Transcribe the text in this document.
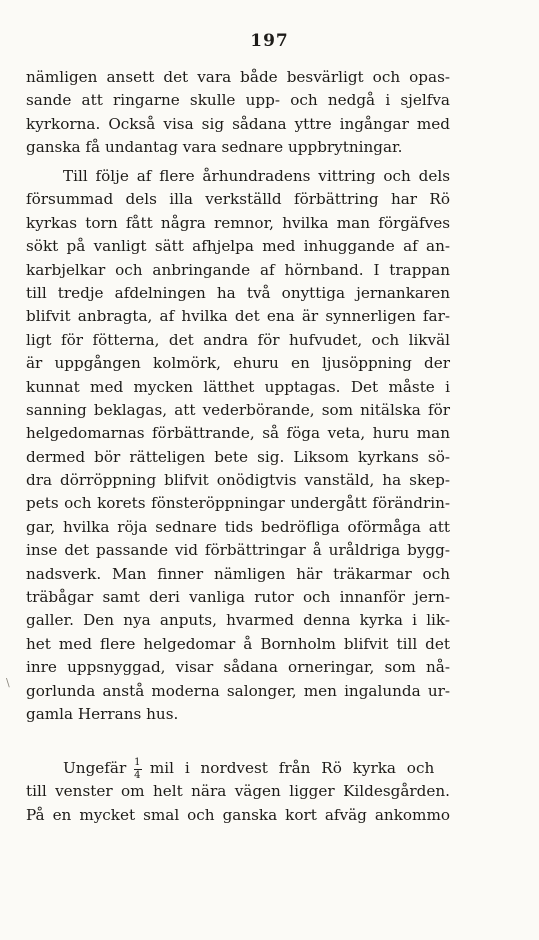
197
nämligen ansett det vara både besvärligt och opas-
sande att ringarne skulle upp- och nedgå i sjelfva
kyrkorna. Också visa sig sådana yttre ingångar med
ganska få undantag vara sednare uppbrytningar.
Till följe af flere århundradens vittring och dels
försummad dels illa verkställd förbättring har Rö
kyrkas torn fått några remnor, hvilka man förgäfves
sökt på vanligt sätt afhjelpa med inhuggande af an-
karbjelkar och anbringande af hörnband. I trappan
till tredje afdelningen ha två onyttiga jernankaren
blifvit anbragta, af hvilka det ena är synnerligen far-
ligt för fötterna, det andra för hufvudet, och likväl
är uppgången kolmörk, ehuru en ljusöppning der
kunnat med mycken lätthet upptagas. Det måste i
sanning beklagas, att vederbörande, som nitälska för
helgedomarnas förbättrande, så föga veta, huru man
dermed bör rätteligen bete sig. Liksom kyrkans sö-
dra dörröppning blifvit onödigtvis vanstäld, ha skep-
pets och korets fönsteröppningar undergått förändrin-
gar, hvilka röja sednare tids bedröfliga oförmåga att
inse det passande vid förbättringar å uråldriga bygg-
nadsverk. Man finner nämligen här träkarmar och
träbågar samt deri vanliga rutor och innanför jern-
galler. Den nya anputs, hvarmed denna kyrka i lik-
het med flere helgedomar å Bornholm blifvit till det
inre uppsnyggad, visar sådana orneringar, som nå-
gorlunda anstå moderna salonger, men ingalunda ur-
gamla Herrans hus.
Ungefär $\frac{1}{4}$ mil i nordvest från Rö kyrka och
till venster om helt nära vägen ligger Kildesgården.
På en mycket smal och ganska kort afväg ankommo
\
